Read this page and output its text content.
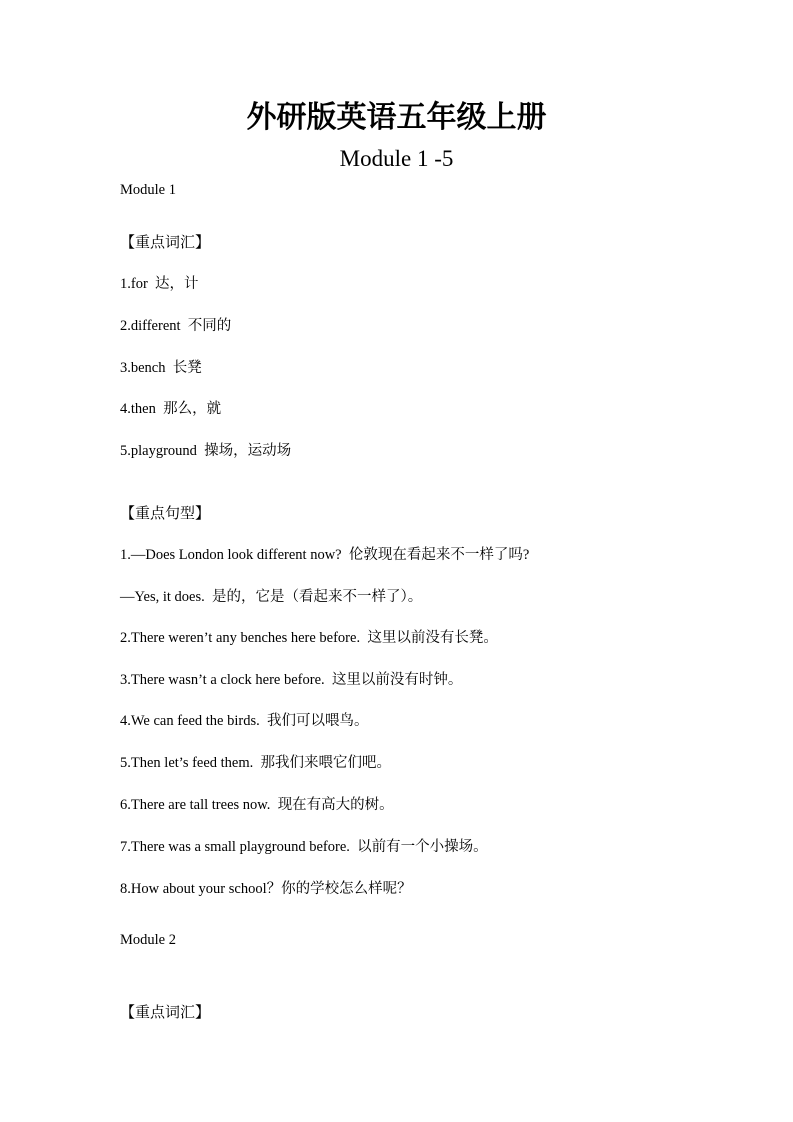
外研版英语五年级上册
Module 1 -5
Module 1
【重点词汇】
1.for 达，计
2.different 不同的
3.bench 长凳
4.then 那么，就
5.playground 操场，运动场
【重点句型】
1.—Does London look different now? 伦敦现在看起来不一样了吗?
—Yes, it does. 是的，它是（看起来不一样了）。
2.There weren’t any benches here before. 这里以前没有长凳。
3.There wasn’t a clock here before. 这里以前没有时钟。
4.We can feed the birds. 我们可以喂鸟。
5.Then let’s feed them. 那我们来喂它们吧。
6.There are tall trees now. 现在有高大的树。
7.There was a small playground before. 以前有一个小操场。
8.How about your school？你的学校怎么样呢？
Module 2
【重点词汇】
